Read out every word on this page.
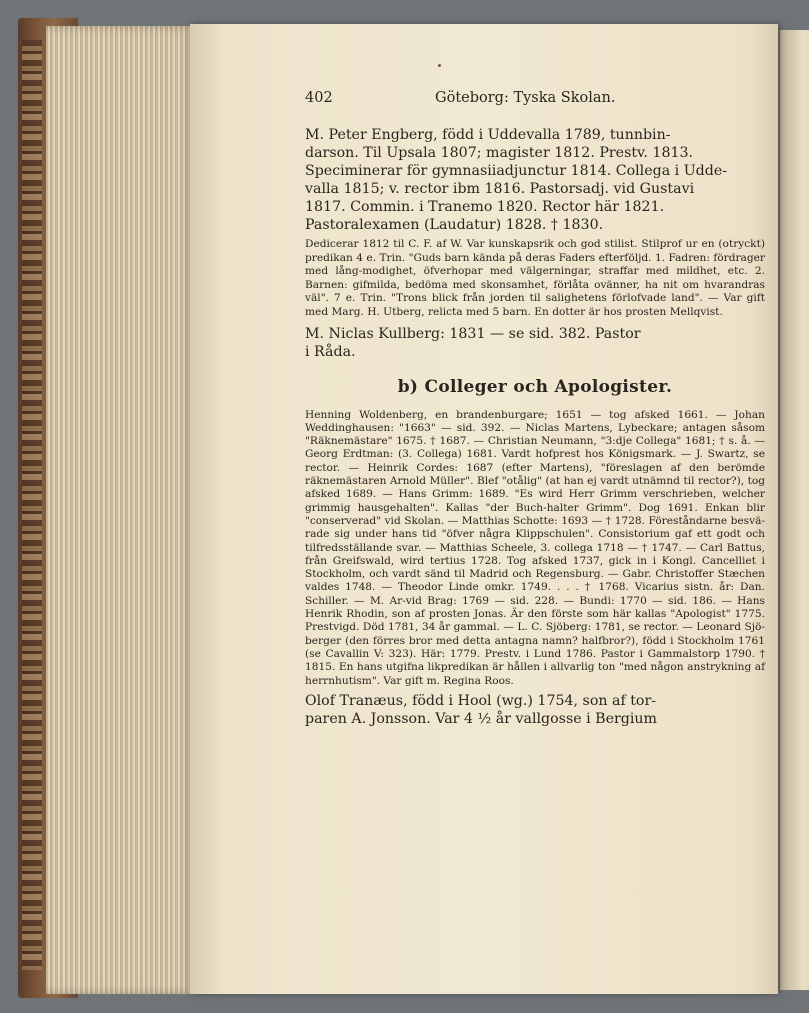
402	Göteborg: Tyska Skolan.
M. Peter Engberg, född i Uddevalla 1789, tunnbin-
darson. Til Upsala 1807; magister 1812. Prestv. 1813.
Speciminerar för gymnasiiadjunctur 1814. Collega i Udde-
valla 1815; v. rector ibm 1816. Pastorsadj. vid Gustavi
1817. Commin. i Tranemo 1820. Rector här 1821.
Pastoralexamen (Laudatur) 1828. † 1830.

Dedicerar 1812 til C. F. af W. Var kunskapsrik och god stilist. Stilprof ur en (otryckt) predikan 4 e. Trin. "Guds barn kända på deras Faders efterföljd. 1. Fadren: fördrager med lång-modighet, öfverhopar med välgerningar, straffar med mildhet, etc. 2. Barnen: gifmilda, bedöma med skonsamhet, förlåta ovänner, ha nit om hvarandras väl". 7 e. Trin. "Trons blick från jorden til salighetens förlofvade land". — Var gift med Marg. H. Utberg, relicta med 5 barn. En dotter är hos prosten Mellqvist.

M. Niclas Kullberg: 1831 — se sid. 382. Pastor
i Råda.
b) Colleger och Apologister.

Henning Woldenberg, en brandenburgare; 1651 — tog afsked 1661. — Johan Weddinghausen: "1663" — sid. 392. — Niclas Martens, Lybeckare; antagen såsom "Räknemästare" 1675. † 1687. — Christian Neumann, "3:dje Collega" 1681; † s. å. — Georg Erdtman: (3. Collega) 1681. Vardt hofprest hos Königsmark. — J. Swartz, se rector. — Heinrik Cordes: 1687 (efter Martens), "föreslagen af den berömde räknemästaren Arnold Müller". Blef "otålig" (at han ej vardt utnämnd til rector?), tog afsked 1689. — Hans Grimm: 1689. "Es wird Herr Grimm verschrieben, welcher grimmig hausgehalten". Kallas "der Buch-halter Grimm". Dog 1691. Enkan blir "conserverad" vid Skolan. — Matthias Schotte: 1693 — † 1728. Föreståndarne besvä-rade sig under hans tid "öfver några Klippschulen". Consistorium gaf ett godt och tilfredsställande svar. — Matthias Scheele, 3. collega 1718 — † 1747. — Carl Battus, från Greifswald, wird tertius 1728. Tog afsked 1737, gick in i Kongl. Cancelliet i Stockholm, och vardt sänd til Madrid och Regensburg. — Gabr. Christoffer Stæchen valdes 1748. — Theodor Linde omkr. 1749. . . . † 1768. Vicarius sistn. år: Dan. Schiller. — M. Ar-vid Brag: 1769 — sid. 228. — Bundi: 1770 — sid. 186. — Hans Henrik Rhodin, son af prosten Jonas. Är den förste som här kallas "Apologist" 1775. Prestvigd. Död 1781, 34 år gammal. — L. C. Sjöberg: 1781, se rector. — Leonard Sjö-berger (den förres bror med detta antagna namn? halfbror?), född i Stockholm 1761 (se Cavallin V: 323). Här: 1779. Prestv. i Lund 1786. Pastor i Gammalstorp 1790. † 1815. En hans utgifna likpredikan är hållen i allvarlig ton "med någon anstrykning af herrnhutism". Var gift m. Regina Roos.

Olof Tranæus, född i Hool (wg.) 1754, son af tor-
paren A. Jonsson. Var 4 ½ år vallgosse i Bergium
